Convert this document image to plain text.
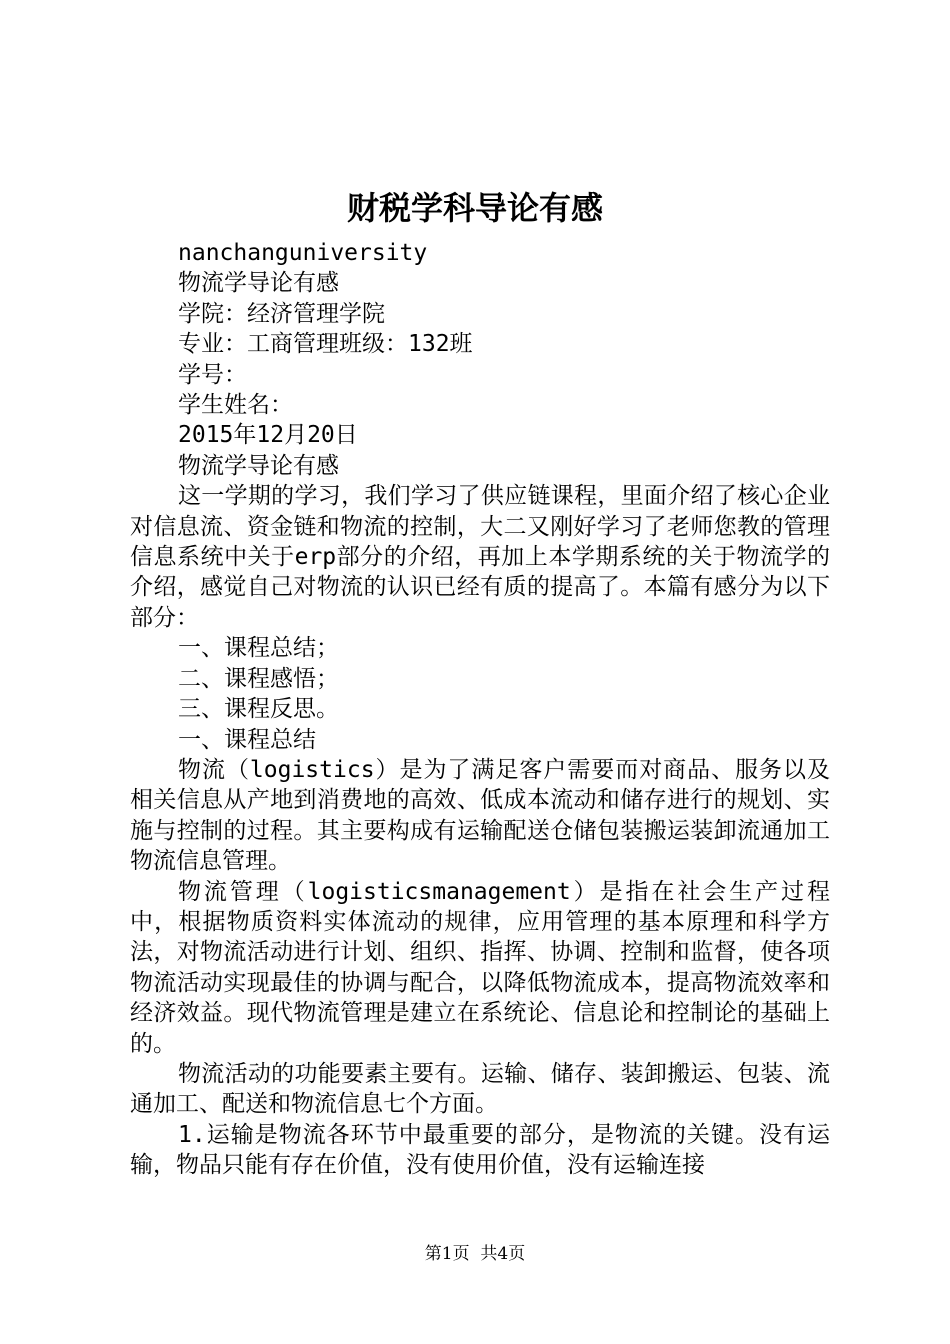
财税学科导论有感

nanchanguniversity

物流学导论有感

学院：经济管理学院

专业：工商管理班级：132班

学号：

学生姓名：

2015年12月20日

物流学导论有感

这一学期的学习，我们学习了供应链课程，里面介绍了核心企业对信息流、资金链和物流的控制，大二又刚好学习了老师您教的管理信息系统中关于erp部分的介绍，再加上本学期系统的关于物流学的介绍，感觉自己对物流的认识已经有质的提高了。本篇有感分为以下部分：

一、课程总结；

二、课程感悟；

三、课程反思。

一、课程总结

物流（logistics）是为了满足客户需要而对商品、服务以及相关信息从产地到消费地的高效、低成本流动和储存进行的规划、实施与控制的过程。其主要构成有运输配送仓储包装搬运装卸流通加工物流信息管理。

物流管理（logisticsmanagement）是指在社会生产过程中，根据物质资料实体流动的规律，应用管理的基本原理和科学方法，对物流活动进行计划、组织、指挥、协调、控制和监督，使各项物流活动实现最佳的协调与配合，以降低物流成本，提高物流效率和经济效益。现代物流管理是建立在系统论、信息论和控制论的基础上的。

物流活动的功能要素主要有。运输、储存、装卸搬运、包装、流通加工、配送和物流信息七个方面。

1.运输是物流各环节中最重要的部分，是物流的关键。没有运输，物品只能有存在价值，没有使用价值，没有运输连接

第1页 共4页
